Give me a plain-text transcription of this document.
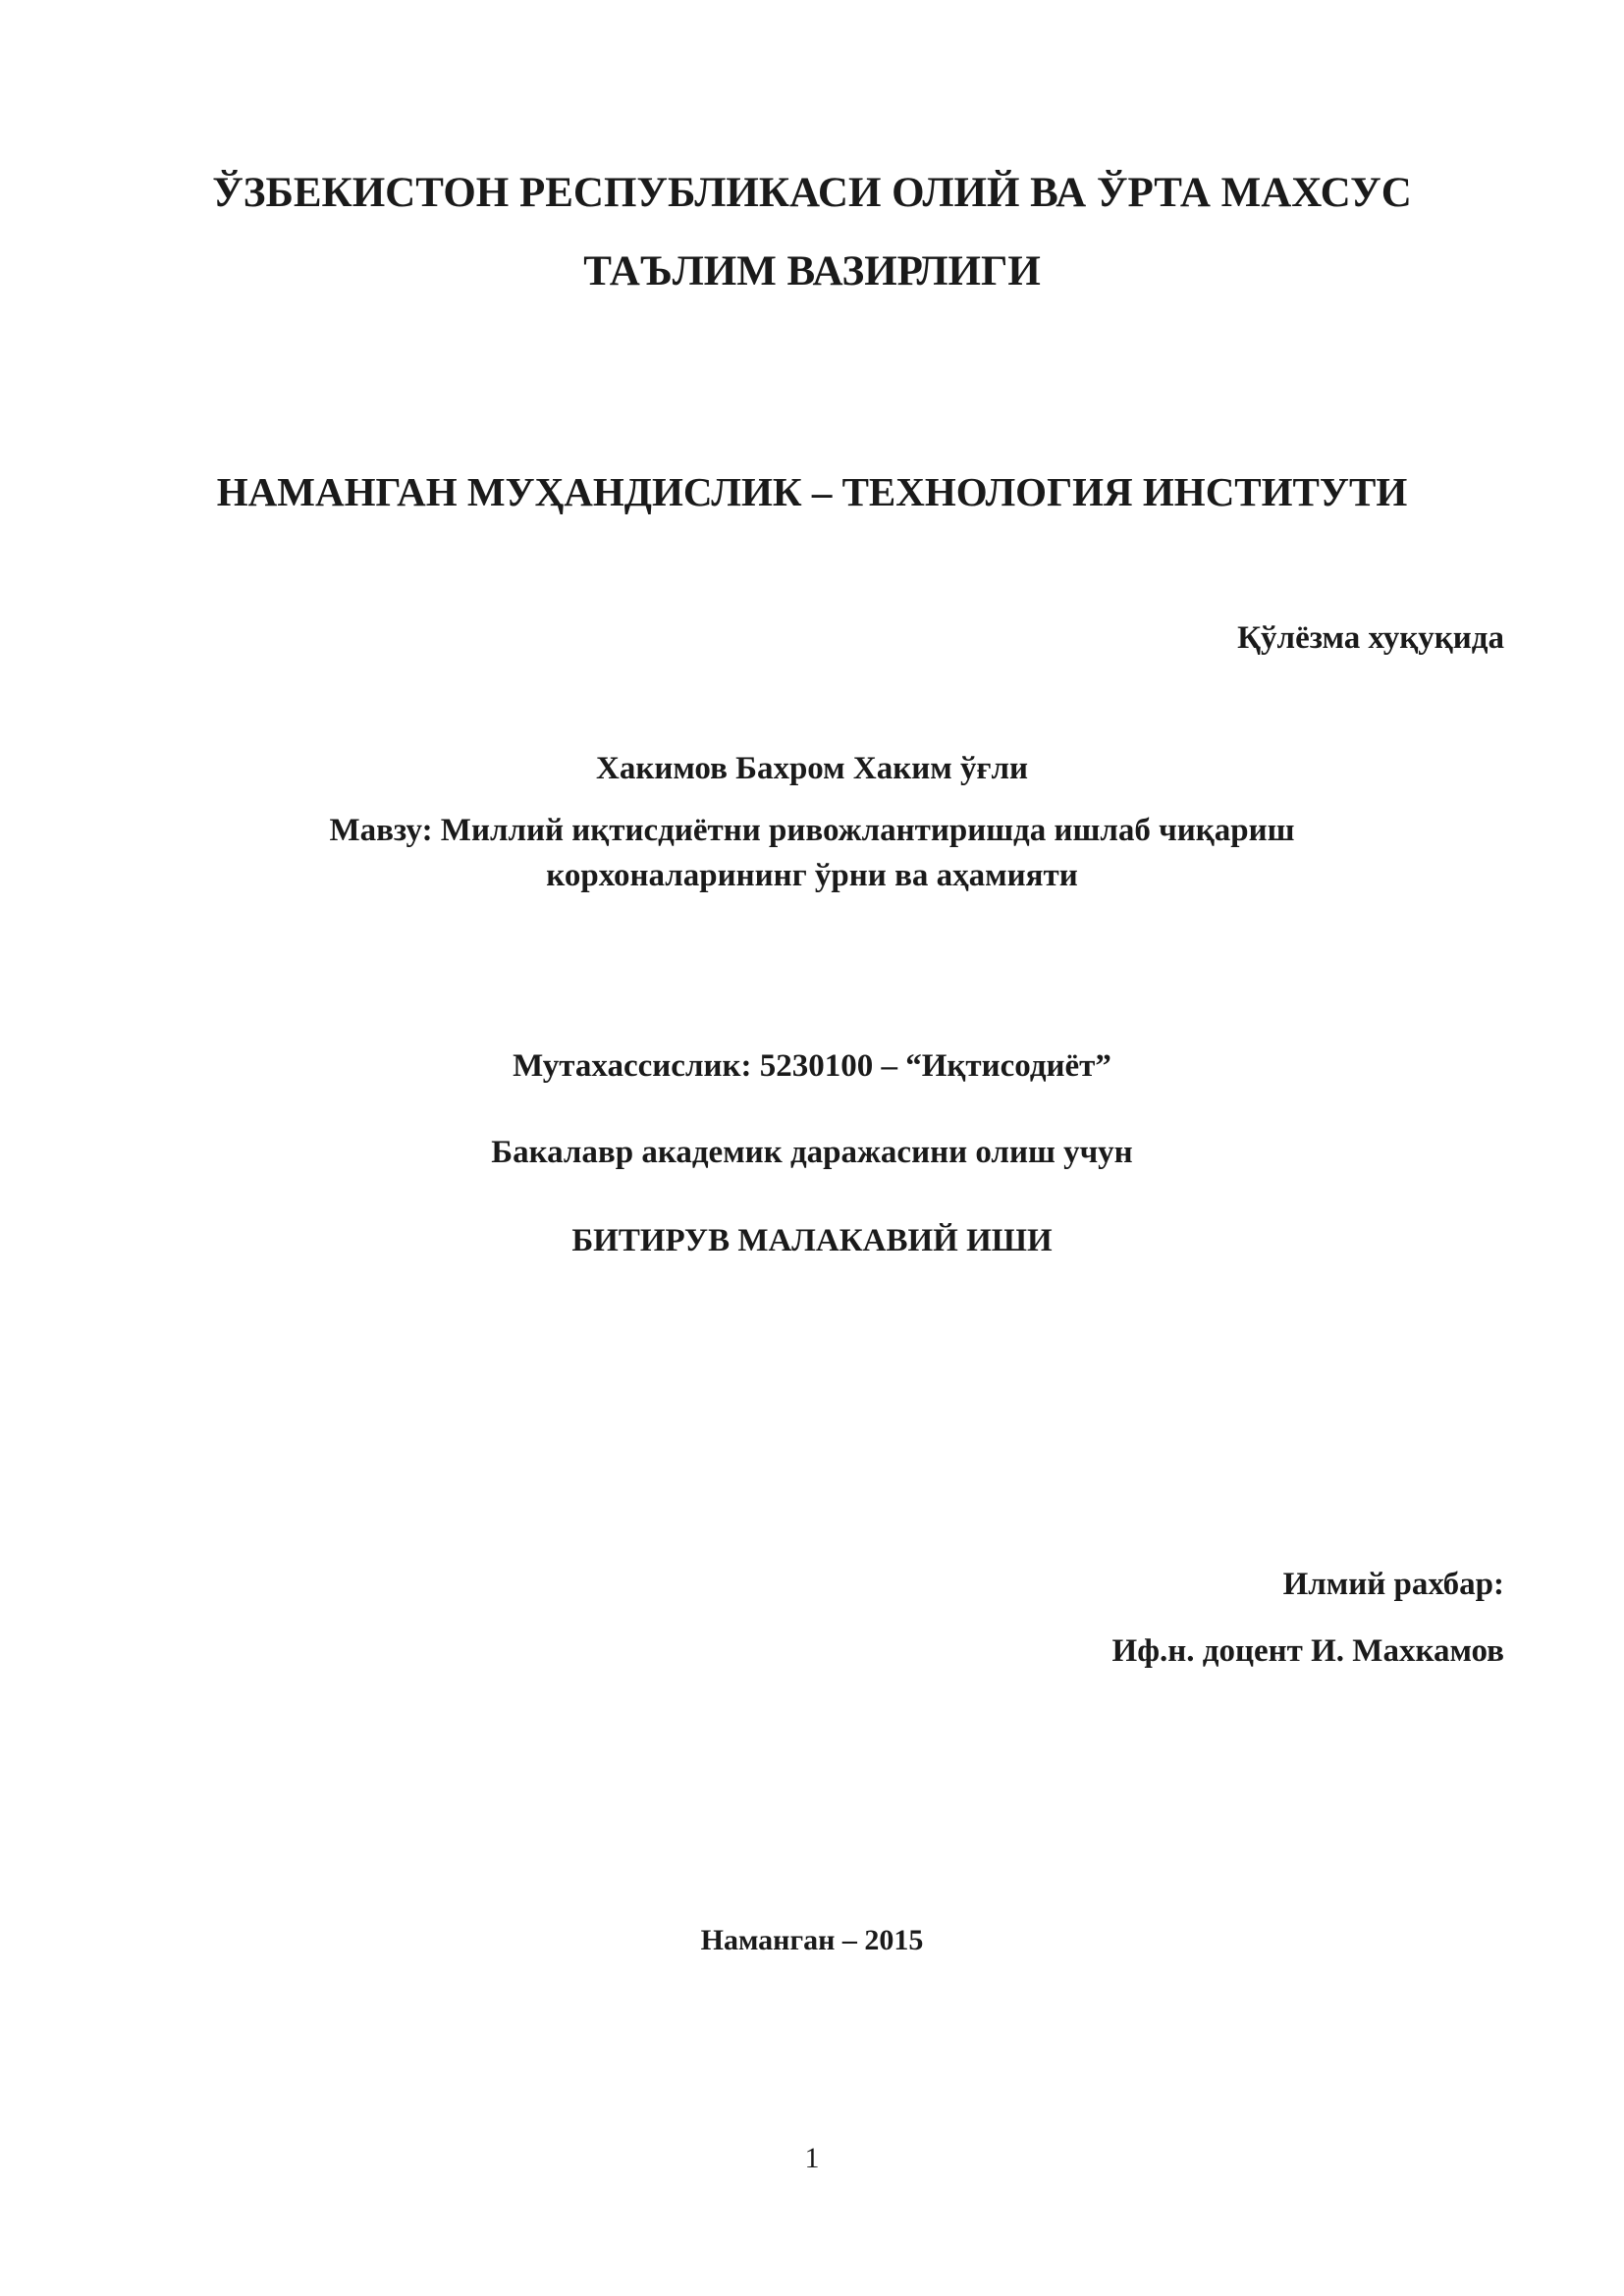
ЎЗБЕКИСТОН РЕСПУБЛИКАСИ ОЛИЙ ВА ЎРТА МАХСУС
ТАЪЛИМ ВАЗИРЛИГИ
НАМАНГАН МУҲАНДИСЛИК – ТЕХНОЛОГИЯ ИНСТИТУТИ

Қўлёзма хуқуқида

Хакимов Бахром Хаким ўғли

Мавзу: Миллий иқтисдиётни ривожлантиришда ишлаб чиқариш

корхоналарининг ўрни ва аҳамияти

Мутахассислик: 5230100 – “Иқтисодиёт”

Бакалавр академик даражасини олиш учун

БИТИРУВ МАЛАКАВИЙ ИШИ

Илмий рахбар:

Иф.н. доцент И. Махкамов

Наманган – 2015

1
